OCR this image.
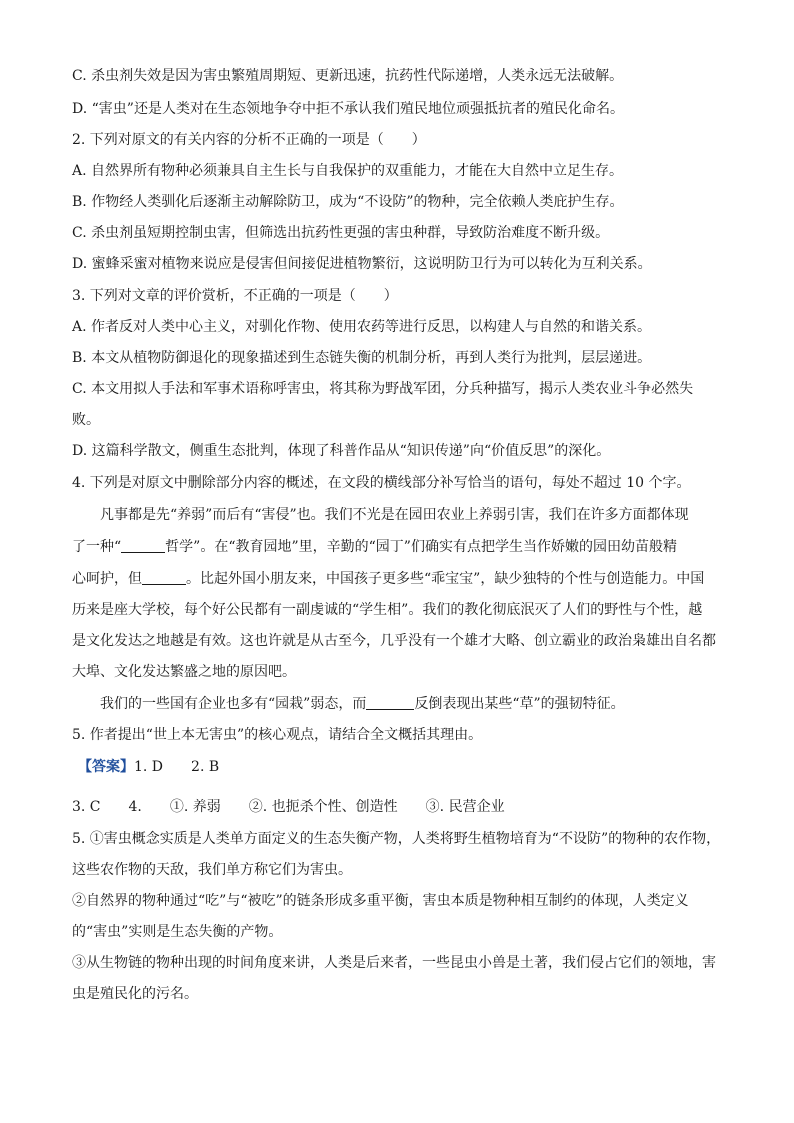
C. 杀虫剂失效是因为害虫繁殖周期短、更新迅速，抗药性代际递增，人类永远无法破解。
D. “害虫”还是人类对在生态领地争夺中拒不承认我们殖民地位顽强抵抗者的殖民化命名。
2. 下列对原文的有关内容的分析不正确的一项是（　　）
A. 自然界所有物种必须兼具自主生长与自我保护的双重能力，才能在大自然中立足生存。
B. 作物经人类驯化后逐渐主动解除防卫，成为“不设防”的物种，完全依赖人类庇护生存。
C. 杀虫剂虽短期控制虫害，但筛选出抗药性更强的害虫种群，导致防治难度不断升级。
D. 蜜蜂采蜜对植物来说应是侵害但间接促进植物繁衍，这说明防卫行为可以转化为互利关系。
3. 下列对文章的评价赏析，不正确的一项是（　　）
A. 作者反对人类中心主义，对驯化作物、使用农药等进行反思，以构建人与自然的和谐关系。
B. 本文从植物防御退化的现象描述到生态链失衡的机制分析，再到人类行为批判，层层递进。
C. 本文用拟人手法和军事术语称呼害虫，将其称为野战军团，分兵种描写，揭示人类农业斗争必然失
败。
D. 这篇科学散文，侧重生态批判，体现了科普作品从“知识传递”向“价值反思”的深化。
4. 下列是对原文中删除部分内容的概述，在文段的横线部分补写恰当的语句，每处不超过 10 个字。
凡事都是先“养弱”而后有“害侵”也。我们不光是在园田农业上养弱引害，我们在许多方面都体现
了一种“	哲学”。在“教育园地”里，辛勤的“园丁”们确实有点把学生当作娇嫩的园田幼苗般精
心呵护，但	。比起外国小朋友来，中国孩子更多些“乖宝宝”，缺少独特的个性与创造能力。中国
历来是座大学校，每个好公民都有一副虔诚的“学生相”。我们的教化彻底泯灭了人们的野性与个性，越
是文化发达之地越是有效。这也许就是从古至今，几乎没有一个雄才大略、创立霸业的政治枭雄出自名都
大埠、文化发达繁盛之地的原因吧。
我们的一些国有企业也多有“园栽”弱态，而	反倒表现出某些“草”的强韧特征。
5. 作者提出“世上本无害虫”的核心观点，请结合全文概括其理由。
【答案】1. D　　2. B
3. C　　4.　　①. 养弱　　②. 也扼杀个性、创造性　　③. 民营企业
5. ①害虫概念实质是人类单方面定义的生态失衡产物，人类将野生植物培育为“不设防”的物种的农作物，
这些农作物的天敌，我们单方称它们为害虫。
②自然界的物种通过“吃”与“被吃”的链条形成多重平衡，害虫本质是物种相互制约的体现，人类定义
的“害虫”实则是生态失衡的产物。
③从生物链的物种出现的时间角度来讲，人类是后来者，一些昆虫小兽是土著，我们侵占它们的领地，害
虫是殖民化的污名。
